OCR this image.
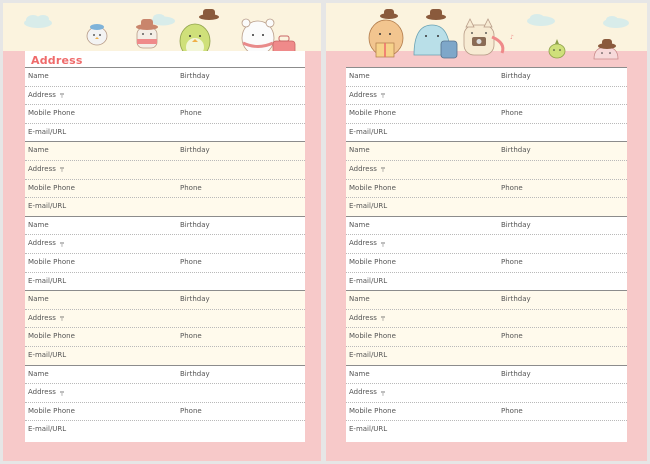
Address
Name	Birthday
Address 〒
Mobile Phone	Phone
E-mail/URL
Name	Birthday
Address 〒
Mobile Phone	Phone
E-mail/URL
Name	Birthday
Address 〒
Mobile Phone	Phone
E-mail/URL
Name	Birthday
Address 〒
Mobile Phone	Phone
E-mail/URL
Name	Birthday
Address 〒
Mobile Phone	Phone
E-mail/URL
♪
Name	Birthday
Address 〒
Mobile Phone	Phone
E-mail/URL
Name	Birthday
Address 〒
Mobile Phone	Phone
E-mail/URL
Name	Birthday
Address 〒
Mobile Phone	Phone
E-mail/URL
Name	Birthday
Address 〒
Mobile Phone	Phone
E-mail/URL
Name	Birthday
Address 〒
Mobile Phone	Phone
E-mail/URL
